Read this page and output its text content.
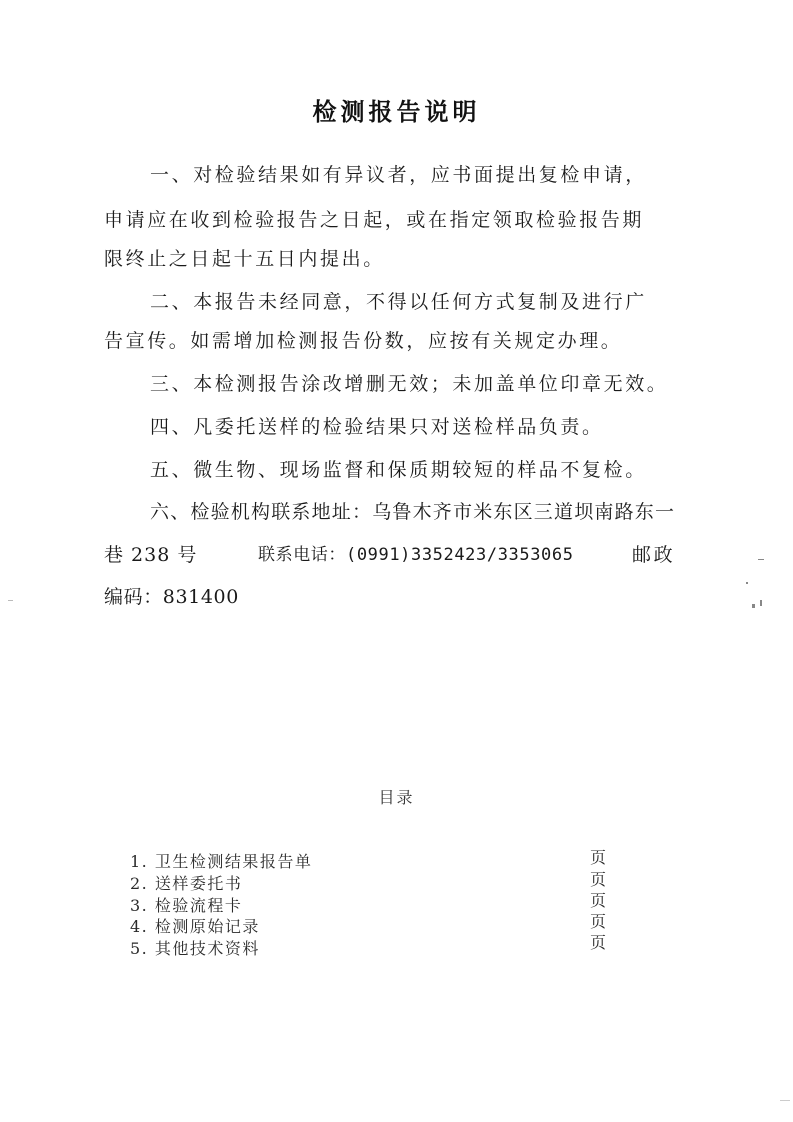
检测报告说明
一、对检验结果如有异议者，应书面提出复检申请，
申请应在收到检验报告之日起，或在指定领取检验报告期
限终止之日起十五日内提出。
二、本报告未经同意，不得以任何方式复制及进行广
告宣传。如需增加检测报告份数，应按有关规定办理。
三、本检测报告涂改增删无效；未加盖单位印章无效。
四、凡委托送样的检验结果只对送检样品负责。
五、微生物、现场监督和保质期较短的样品不复检。
六、检验机构联系地址：乌鲁木齐市米东区三道坝南路东一
巷 238 号	联系电话：(0991)3352423/3353065	邮政
编码：831400
目录
1. 卫生检测结果报告单	页
2. 送样委托书	页
3. 检验流程卡	页
4. 检测原始记录	页
5. 其他技术资料	页
